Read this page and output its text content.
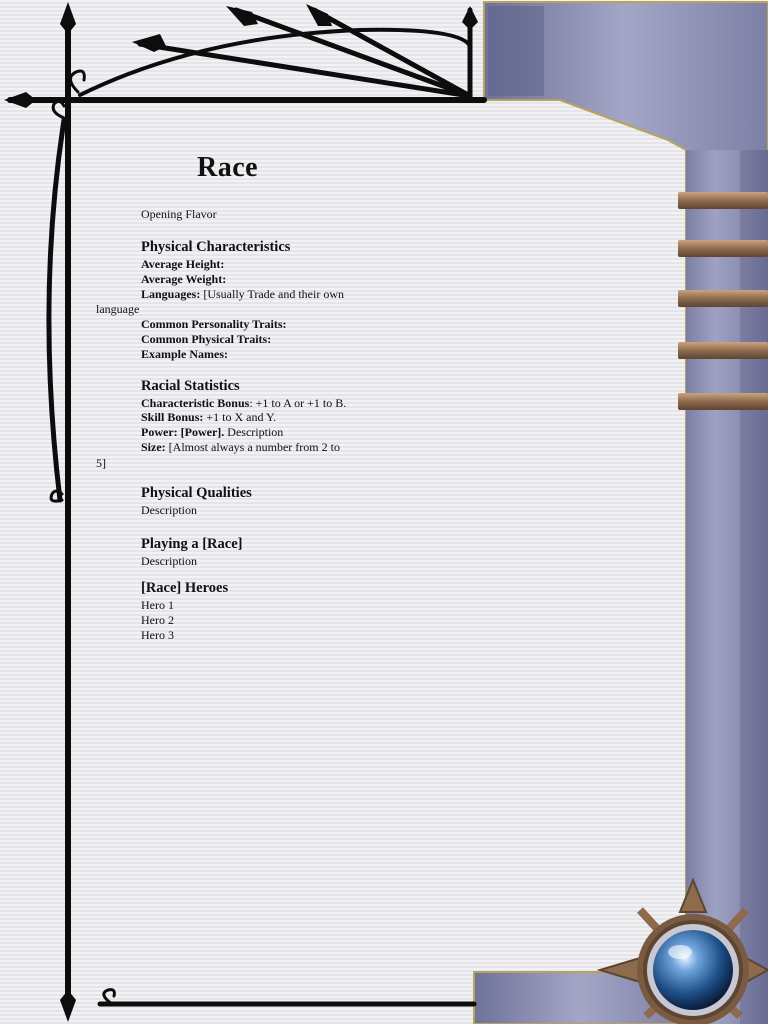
Race
Opening Flavor
Physical Characteristics
Average Height:
Average Weight:
Languages: [Usually Trade and their own
language
Common Personality Traits:
Common Physical Traits:
Example Names:
Racial Statistics
Characteristic Bonus: +1 to A or +1 to B.
Skill Bonus: +1 to X and Y.
Power: [Power]. Description
Size: [Almost always a number from 2 to
5]
Physical Qualities
Description
Playing a [Race]
Description
[Race] Heroes
Hero 1
Hero 2
Hero 3
